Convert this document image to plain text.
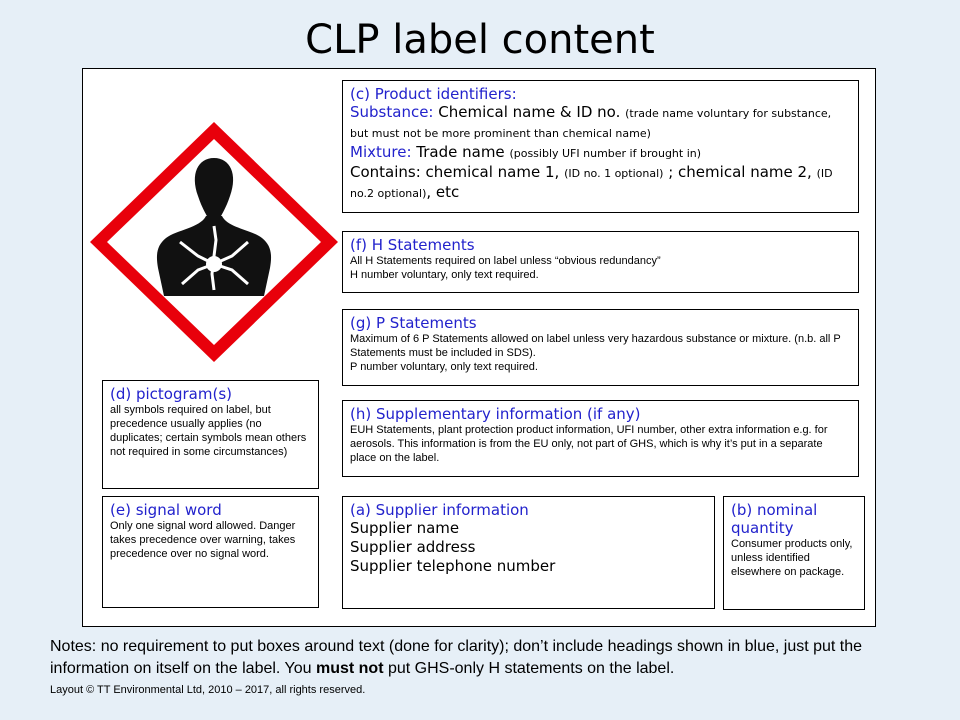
CLP label content
(c) Product identifiers:
Substance: Chemical name & ID no. (trade name voluntary for substance, but must not be more prominent than chemical name)
Mixture: Trade name (possibly UFI number if brought in)
Contains: chemical name 1, (ID no. 1 optional) ; chemical name 2, (ID no.2 optional), etc
(f) H Statements
All H Statements required on label unless “obvious redundancy”
H number voluntary, only text required.
(g) P Statements
Maximum of 6 P Statements allowed on label unless very hazardous substance or mixture. (n.b. all P Statements must be included in SDS).
P number voluntary, only text required.
(h) Supplementary information (if any)
EUH Statements, plant protection product information, UFI number, other extra information e.g. for aerosols. This information is from the EU only, not part of GHS, which is why it’s put in a separate place on the label.
(d) pictogram(s)
all symbols required on label, but precedence usually applies (no duplicates; certain symbols mean others not required in some circumstances)
(e) signal word
Only one signal word allowed. Danger takes precedence over warning, takes precedence over no signal word.
(a) Supplier information
Supplier name
Supplier address
Supplier telephone number
(b) nominal quantity
Consumer products only, unless identified elsewhere on package.
Notes: no requirement to put boxes around text (done for clarity); don’t include headings shown in blue, just put the information on itself on the label. You must not put GHS-only H statements on the label.
Layout © TT Environmental Ltd, 2010 – 2017, all rights reserved.
